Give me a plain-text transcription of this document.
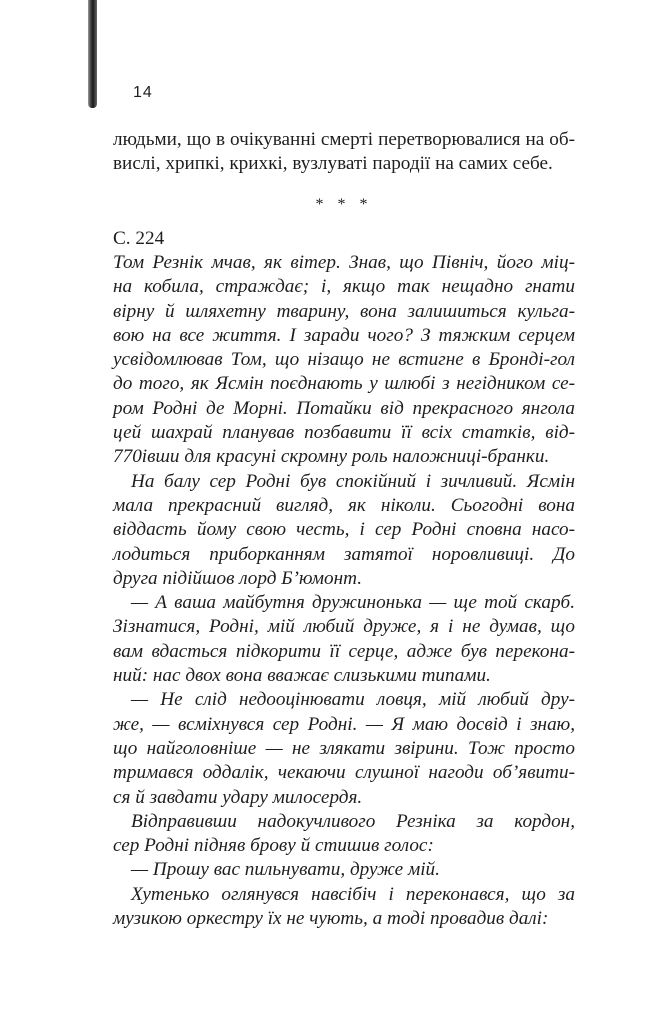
14
людьми, що в очікуванні смерті перетворювалися на об-
вислі, хрипкі, крихкі, вузлуваті пародії на самих себе.
* * *
С. 224
Том Резнік мчав, як вітер. Знав, що Північ, його міц-
на кобила, страждає; і, якщо так нещадно гнати
вірну й шляхетну тварину, вона залишиться кульга-
вою на все життя. І заради чого? З тяжким серцем
усвідомлював Том, що нізащо не встигне в Бронді-гол
до того, як Ясмін поєднають у шлюбі з негідником се-
ром Родні де Морні. Потайки від прекрасного янгола
цей шахрай планував позбавити її всіх статків, від-
770івши для красуні скромну роль наложниці-бранки.
На балу сер Родні був спокійний і зичливий. Ясмін
мала прекрасний вигляд, як ніколи. Сьогодні вона
віддасть йому свою честь, і сер Родні сповна насо-
лодиться приборканням затятої норовливиці. До
друга підійшов лорд Б’юмонт.
— А ваша майбутня дружинонька — ще той скарб.
Зізнатися, Родні, мій любий друже, я і не думав, що
вам вдасться підкорити її серце, адже був перекона-
ний: нас двох вона вважає слизькими типами.
— Не слід недооцінювати ловця, мій любий дру-
же, — всміхнувся сер Родні. — Я маю досвід і знаю,
що найголовніше — не злякати звірини. Тож просто
тримався оддалік, чекаючи слушної нагоди об’явити-
ся й завдати удару милосердя.
Відправивши надокучливого Резніка за кордон,
сер Родні підняв брову й стишив голос:
— Прошу вас пильнувати, друже мій.
Хутенько оглянувся навсібіч і переконався, що за
музикою оркестру їх не чують, а тоді провадив далі:
